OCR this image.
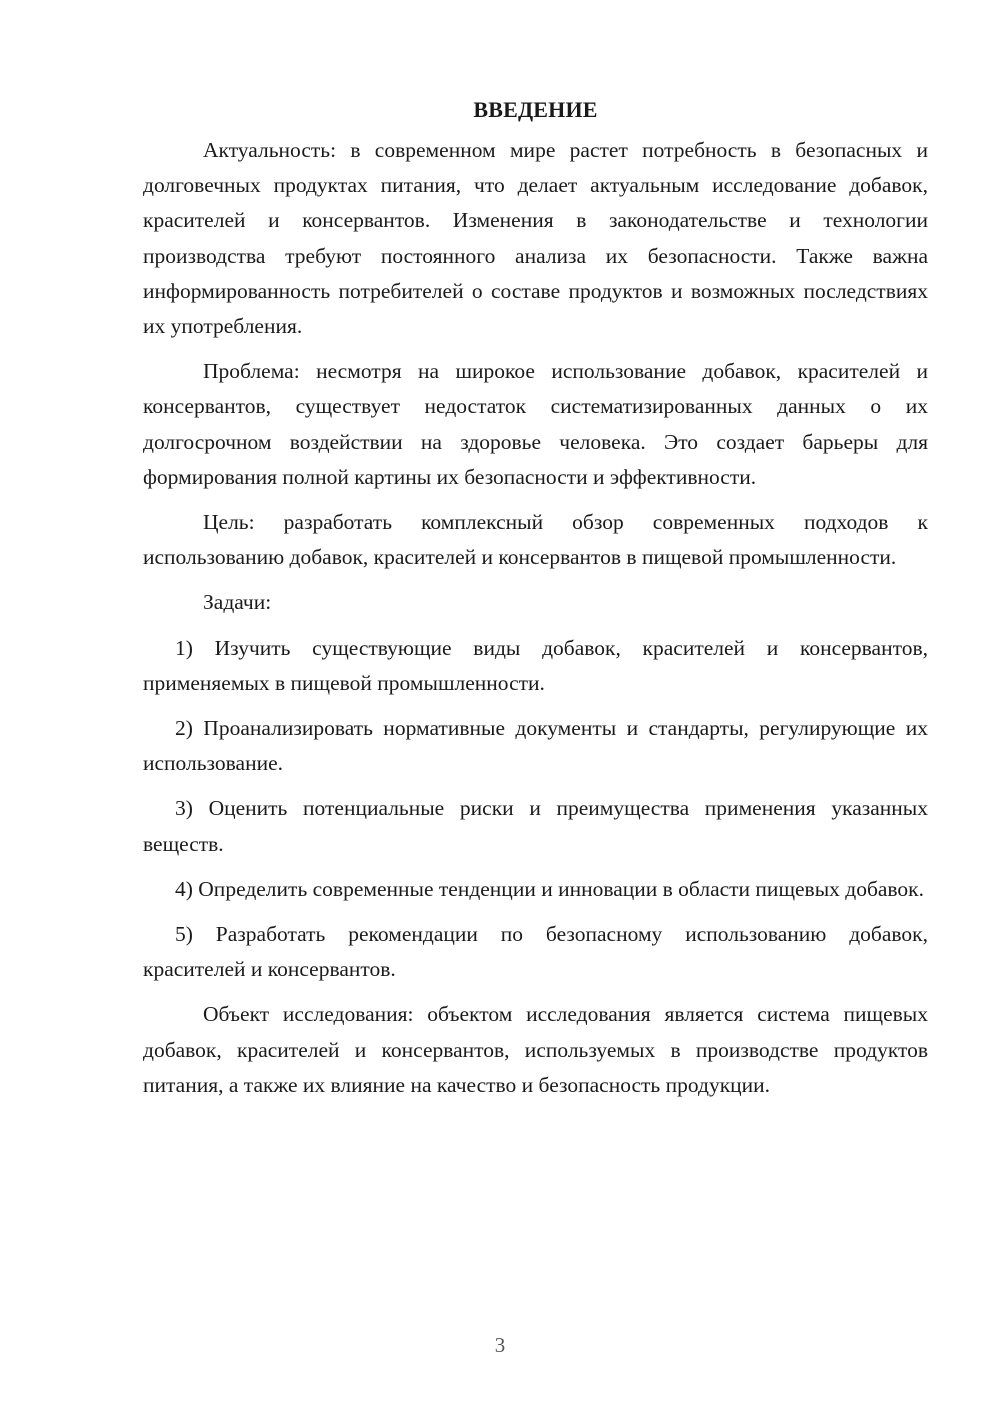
ВВЕДЕНИЕ

Актуальность: в современном мире растет потребность в безопасных и долговечных продуктах питания, что делает актуальным исследование добавок, красителей и консервантов. Изменения в законодательстве и технологии производства требуют постоянного анализа их безопасности. Также важна информированность потребителей о составе продуктов и возможных последствиях их употребления.

Проблема: несмотря на широкое использование добавок, красителей и консервантов, существует недостаток систематизированных данных о их долгосрочном воздействии на здоровье человека. Это создает барьеры для формирования полной картины их безопасности и эффективности.

Цель: разработать комплексный обзор современных подходов к использованию добавок, красителей и консервантов в пищевой промышленности.

Задачи:

1) Изучить существующие виды добавок, красителей и консервантов, применяемых в пищевой промышленности.

2) Проанализировать нормативные документы и стандарты, регулирующие их использование.

3) Оценить потенциальные риски и преимущества применения указанных веществ.

4) Определить современные тенденции и инновации в области пищевых добавок.

5) Разработать рекомендации по безопасному использованию добавок, красителей и консервантов.

Объект исследования: объектом исследования является система пищевых добавок, красителей и консервантов, используемых в производстве продуктов питания, а также их влияние на качество и безопасность продукции.

3
